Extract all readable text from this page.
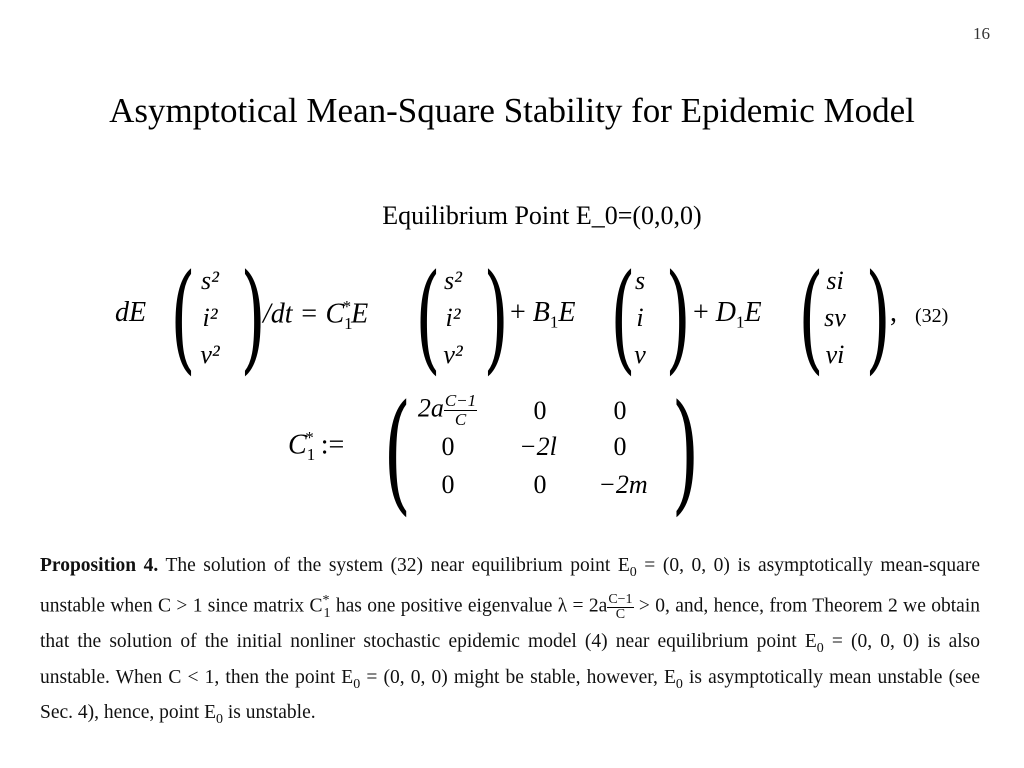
16
Asymptotical Mean-Square Stability for Epidemic Model
Equilibrium Point E_0=(0,0,0)
dE ( s²
i²
v² )
$/dt = C_1^*E$ ( s²
i²
v² ) + $B_1E$ ( s
i
v ) + $D_1E$ ( si
sv
vi ) , (32)
$C_1^*$ := ( $2a \frac{C-1}{C}$	0	0
0	−2l	0
0	0	−2m )
Proposition 4. The solution of the system (32) near equilibrium point $E_0 = (0$, 0, 0) is asymptotically mean-square unstable when C > 1 since matrix $C^*_1$ has one positive eigenvalue $\lambda = 2a \frac{C-1}{C} > 0$, and, hence, from Theorem 2 we obtain that the solution of the initial nonliner stochastic epidemic model (4) near equilibrium point $E_0 = (0$, 0, 0) is also unstable. When C < 1, then the point $E_0 = (0$, 0, 0) might be stable, however, $E_0$ is asymptotically mean unstable (see Sec. 4), hence, point $E_0$ is unstable.
